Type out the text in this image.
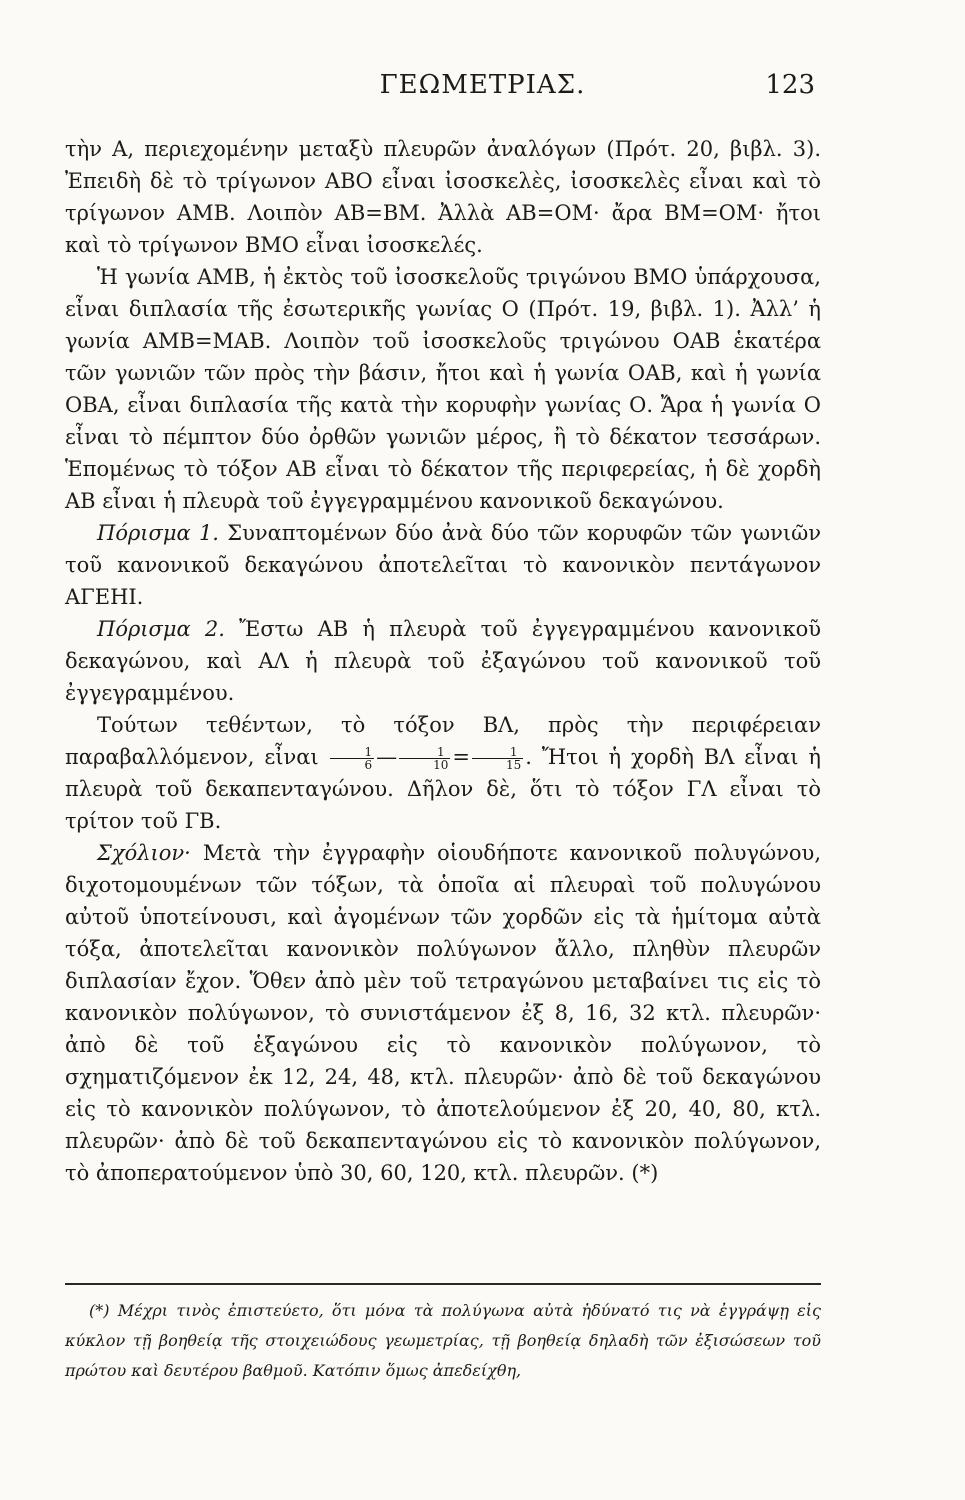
ΓΕΩΜΕΤΡΙΑΣ.	123

τὴν Α, περιεχομένην μεταξὺ πλευρῶν ἀναλόγων (Πρότ. 20, βιβλ. 3). Ἐπειδὴ δὲ τὸ τρίγωνον ΑΒΟ εἶναι ἰσοσκελὲς, ἰσοσκελὲς εἶναι καὶ τὸ τρίγωνον ΑΜΒ. Λοιπὸν ΑΒ=ΒΜ. Ἀλλὰ ΑΒ=ΟΜ· ἄρα ΒΜ=ΟΜ· ἤτοι καὶ τὸ τρίγωνον ΒΜΟ εἶναι ἰσοσκελές.

Ἡ γωνία ΑΜΒ, ἡ ἐκτὸς τοῦ ἰσοσκελοῦς τριγώνου ΒΜΟ ὑπάρχουσα, εἶναι διπλασία τῆς ἐσωτερικῆς γωνίας Ο (Πρότ. 19, βιβλ. 1). Ἀλλ’ ἡ γωνία ΑΜΒ=ΜΑΒ. Λοιπὸν τοῦ ἰσοσκελοῦς τριγώνου ΟΑΒ ἑκατέρα τῶν γωνιῶν τῶν πρὸς τὴν βάσιν, ἤτοι καὶ ἡ γωνία ΟΑΒ, καὶ ἡ γωνία ΟΒΑ, εἶναι διπλασία τῆς κατὰ τὴν κορυφὴν γωνίας Ο. Ἄρα ἡ γωνία Ο εἶναι τὸ πέμπτον δύο ὀρθῶν γωνιῶν μέρος, ἢ τὸ δέκατον τεσσάρων. Ἑπομένως τὸ τόξον ΑΒ εἶναι τὸ δέκατον τῆς περιφερείας, ἡ δὲ χορδὴ ΑΒ εἶναι ἡ πλευρὰ τοῦ ἐγγεγραμμένου κανονικοῦ δεκαγώνου.

Πόρισμα 1. Συναπτομένων δύο ἀνὰ δύο τῶν κορυφῶν τῶν γωνιῶν τοῦ κανονικοῦ δεκαγώνου ἀποτελεῖται τὸ κανονικὸν πεντάγωνον ΑΓΕΗΙ.

Πόρισμα 2. Ἔστω ΑΒ ἡ πλευρὰ τοῦ ἐγγεγραμμένου κανονικοῦ δεκαγώνου, καὶ ΑΛ ἡ πλευρὰ τοῦ ἐξαγώνου τοῦ κανονικοῦ τοῦ ἐγγεγραμμένου.

Τούτων τεθέντων, τὸ τόξον ΒΛ, πρὸς τὴν περιφέρειαν παραβαλλόμενον, εἶναι $\frac{1}{6}$ — $\frac{1}{10} = \frac{1}{15}$ . Ἤτοι ἡ χορδὴ ΒΛ εἶναι ἡ πλευρὰ τοῦ δεκαπενταγώνου. Δῆλον δὲ, ὅτι τὸ τόξον ΓΛ εἶναι τὸ τρίτον τοῦ ΓΒ.

Σχόλιον· Μετὰ τὴν ἐγγραφὴν οἱουδήποτε κανονικοῦ πολυγώνου, διχοτομουμένων τῶν τόξων, τὰ ὁποῖα αἱ πλευραὶ τοῦ πολυγώνου αὐτοῦ ὑποτείνουσι, καὶ ἀγομένων τῶν χορδῶν εἰς τὰ ἡμίτομα αὐτὰ τόξα, ἀποτελεῖται κανονικὸν πολύγωνον ἄλλο, πληθὺν πλευρῶν διπλασίαν ἔχον. Ὅθεν ἀπὸ μὲν τοῦ τετραγώνου μεταβαίνει τις εἰς τὸ κανονικὸν πολύγωνον, τὸ συνιστάμενον ἐξ 8, 16, 32 κτλ. πλευρῶν· ἀπὸ δὲ τοῦ ἑξαγώνου εἰς τὸ κανονικὸν πολύγωνον, τὸ σχηματιζόμενον ἐκ 12, 24, 48, κτλ. πλευρῶν· ἀπὸ δὲ τοῦ δεκαγώνου εἰς τὸ κανονικὸν πολύγωνον, τὸ ἀποτελούμενον ἐξ 20, 40, 80, κτλ. πλευρῶν· ἀπὸ δὲ τοῦ δεκαπενταγώνου εἰς τὸ κανονικὸν πολύγωνον, τὸ ἀποπερατούμενον ὑπὸ 30, 60, 120, κτλ. πλευρῶν. (*)

(*) Μέχρι τινὸς ἐπιστεύετο, ὅτι μόνα τὰ πολύγωνα αὐτὰ ἠδύνατό τις νὰ ἐγγράψῃ εἰς κύκλον τῇ βοηθείᾳ τῆς στοιχειώδους γεωμετρίας, τῇ βοηθείᾳ δηλαδὴ τῶν ἐξισώσεων τοῦ πρώτου καὶ δευτέρου βαθμοῦ. Κατόπιν ὅμως ἀπεδείχθη,
